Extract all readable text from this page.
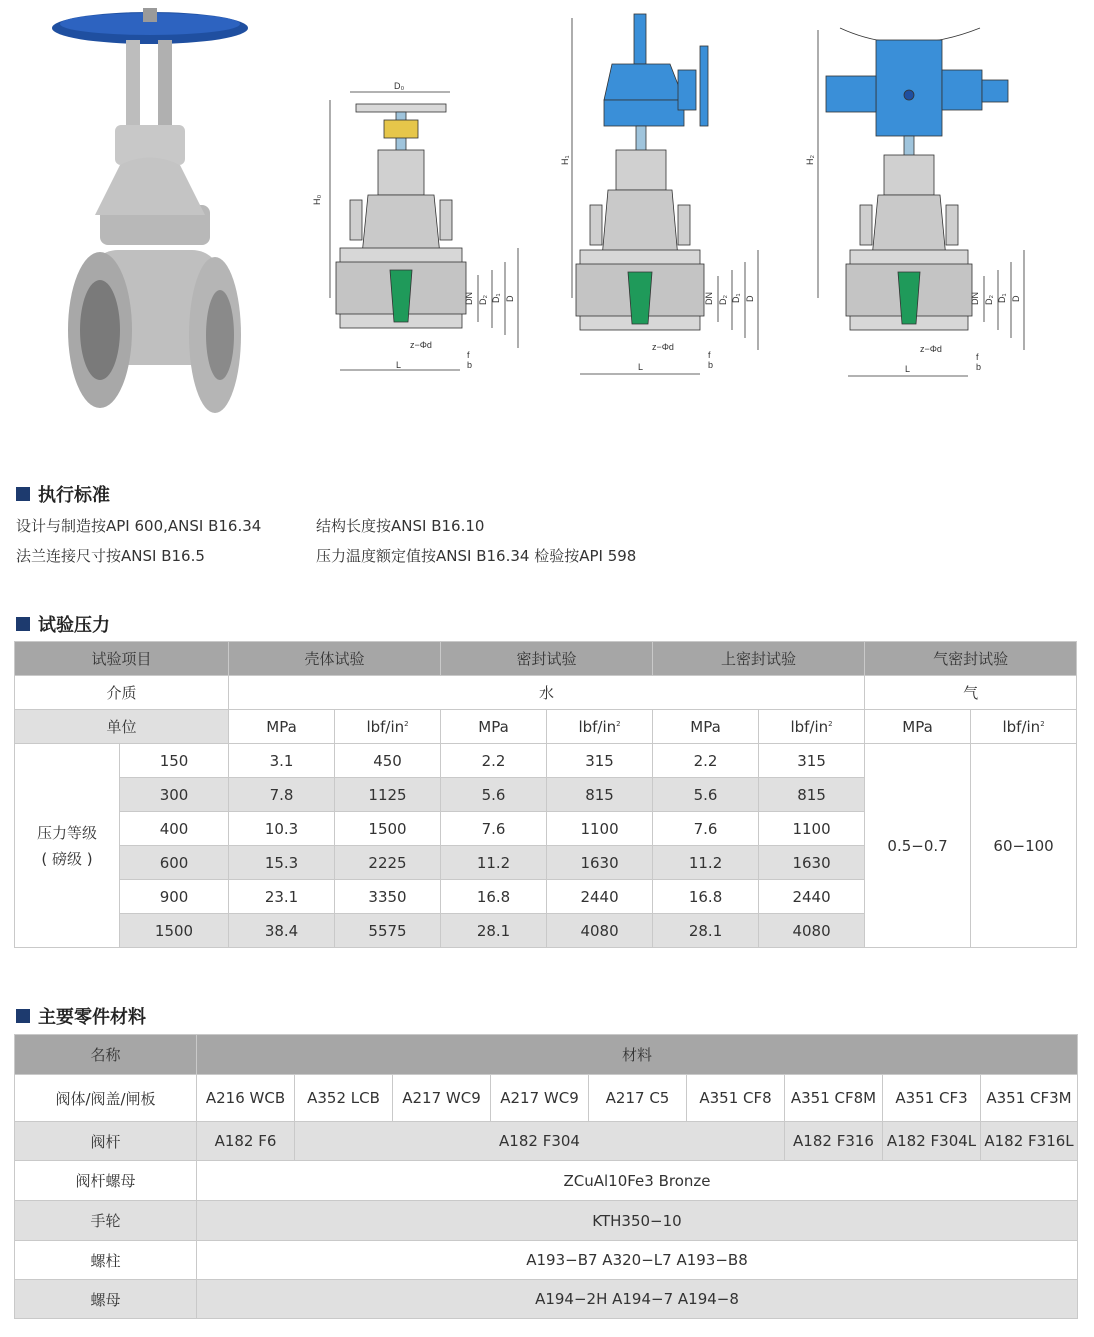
D₀
H₀
DN D₂ D₁ D
z−Φd
f
b
L
H₁
DN D₂ D₁ D
z−Φd
f
b
L
H₂
DN D₂ D₁ D
z−Φd
f
b
L
执行标准
设计与制造按API 600,ANSI B16.34	结构长度按ANSI B16.10
法兰连接尺寸按ANSI B16.5	压力温度额定值按ANSI B16.34 检验按API 598
试验压力
试验项目		壳体试验		密封试验		上密封试验		气密封试验	
介质		水						气	
单位		MPa	lbf/$in^2$	MPa	lbf/$in^2$	MPa	lbf/$in^2$	MPa	lbf/$in^2$

压力等级
( 磅级 )	150	3.1	450	2.2	315	2.2	315	0.5−0.7	60−100
	300	7.8	1125	5.6	815	5.6	815		
	400	10.3	1500	7.6	1100	7.6	1100		
	600	15.3	2225	11.2	1630	11.2	1630		
	900	23.1	3350	16.8	2440	16.8	2440		
	1500	38.4	5575	28.1	4080	28.1	4080		
主要零件材料
名称	材料								
阀体/阀盖/闸板	A216 WCB	A352 LCB	A217 WC9	A217 WC9	A217 C5	A351 CF8	A351 CF8M	A351 CF3	A351 CF3M
阀杆	A182 F6	A182 F304					A182 F316	A182 F304L	A182 F316L
阀杆螺母	ZCuAl10Fe3 Bronze								
手轮	KTH350−10								
螺柱	A193−B7 A320−L7 A193−B8								
螺母	A194−2H A194−7 A194−8								
